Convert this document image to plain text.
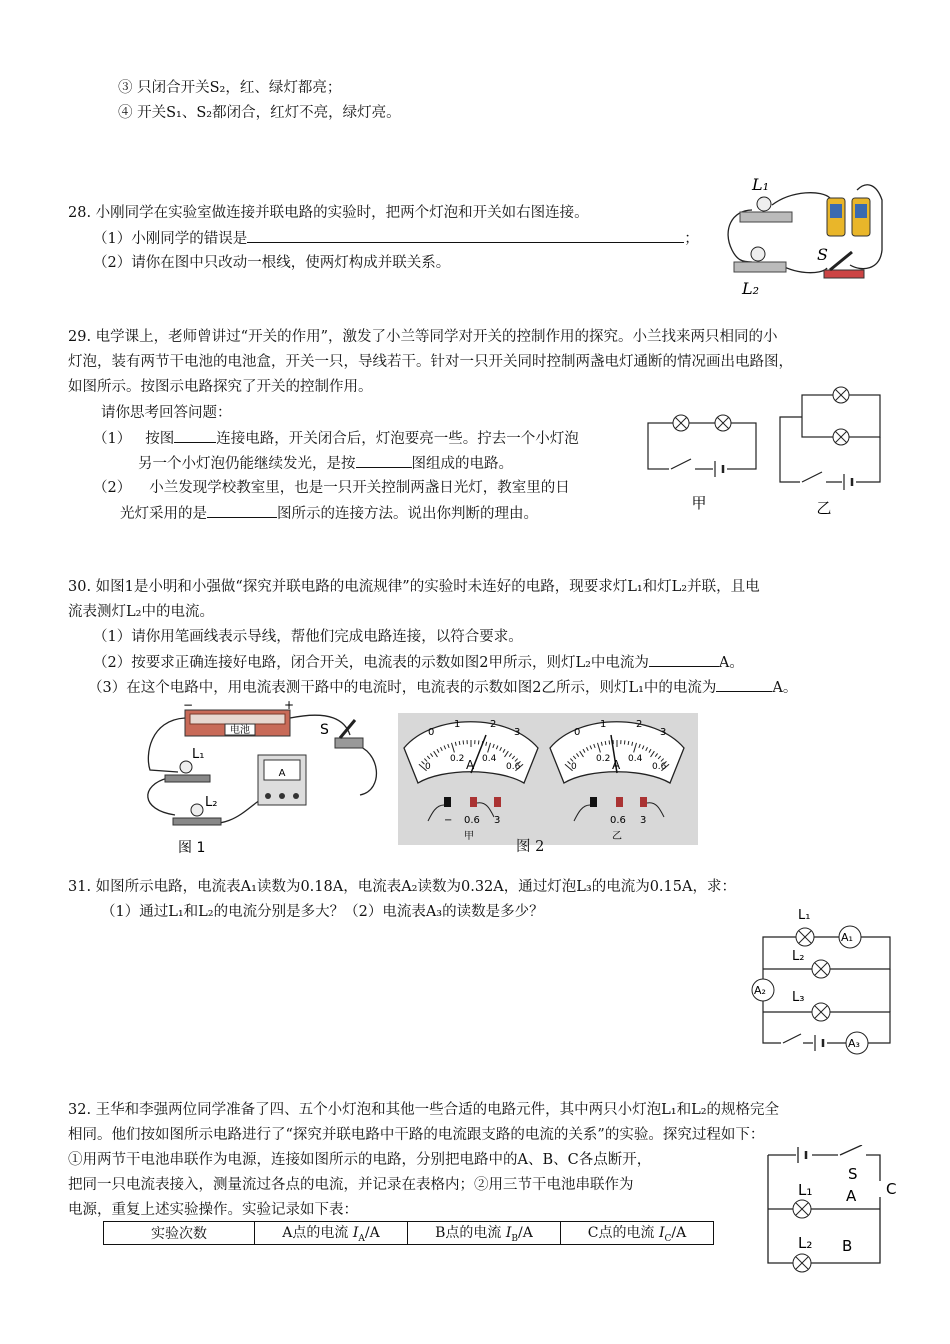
③ 只闭合开关S₂，红、绿灯都亮；
④ 开关S₁、S₂都闭合，红灯不亮，绿灯亮。
28. 小刚同学在实验室做连接并联电路的实验时，把两个灯泡和开关如右图连接。
（1）小刚同学的错误是	；
（2）请你在图中只改动一根线，使两灯构成并联关系。
29. 电学课上，老师曾讲过“开关的作用”，激发了小兰等同学对开关的控制作用的探究。小兰找来两只相同的小
灯泡，装有两节干电池的电池盒，开关一只，导线若干。针对一只开关同时控制两盏电灯通断的情况画出电路图，
如图所示。按图示电路探究了开关的控制作用。
请你思考回答问题：
（1） 按图	连接电路，开关闭合后，灯泡要亮一些。拧去一个小灯泡
另一个小灯泡仍能继续发光，是按	图组成的电路。
（2） 小兰发现学校教室里，也是一只开关控制两盏日光灯，教室里的日
光灯采用的是	图所示的连接方法。说出你判断的理由。
30. 如图1是小明和小强做“探究并联电路的电流规律”的实验时未连好的电路，现要求灯L₁和灯L₂并联，且电
流表测灯L₂中的电流。
（1）请你用笔画线表示导线，帮他们完成电路连接，以符合要求。
（2）按要求正确连接好电路，闭合开关，电流表的示数如图2甲所示，则灯L₂中电流为	A。
（3）在这个电路中，用电流表测干路中的电流时，电流表的示数如图2乙所示，则灯L₁中的电流为	A。
31. 如图所示电路，电流表A₁读数为0.18A，电流表A₂读数为0.32A，通过灯泡L₃的电流为0.15A，求：
（1）通过L₁和L₂的电流分别是多大？（2）电流表A₃的读数是多少？
32. 王华和李强两位同学准备了四、五个小灯泡和其他一些合适的电路元件，其中两只小灯泡L₁和L₂的规格完全
相同。他们按如图所示电路进行了“探究并联电路中干路的电流跟支路的电流的关系”的实验。探究过程如下：
①用两节干电池串联作为电源，连接如图所示的电路，分别把电路中的A、B、C各点断开，
把同一只电流表接入，测量流过各点的电流，并记录在表格内；②用三节干电池串联作为
电源，重复上述实验操作。实验记录如下表：
实验次数	A点的电流 $I_A/A$	B点的电流 $I_B/A$	C点的电流 $I_C/A$
L₁
L₂
S
甲	乙
电池
−	+
S
L₁
L₂
A
图 1
0
1	2
3
0
0.2 0.4
0.6
0
1	2
3
0
0.2 0.4
0.6
A	A
− 0.6 3
甲
0.6 3
乙
图 2
L₁
L₂
L₃
A₁
A₂
A₃
S
L₁
L₂
A
B
C
